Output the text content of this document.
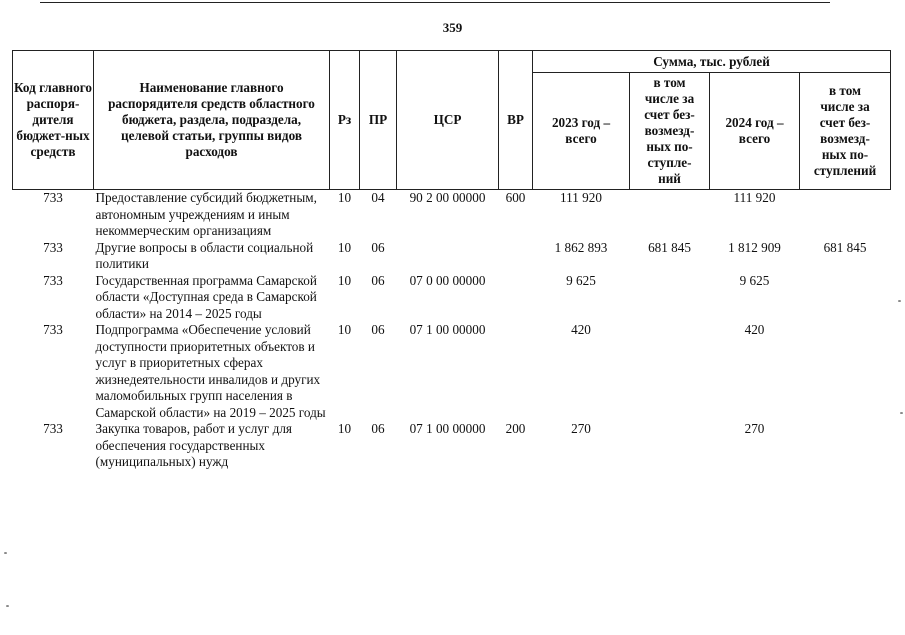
359
Код главного распоря-дителя бюджет-ных средств	Наименование главного распорядителя средств областного бюджета, раздела, подраздела, целевой статьи, группы видов расходов	Рз	ПР	ЦСР	ВР	Сумма, тыс. рублей			
						2023 год – всего	в том числе за счет без-возмезд-ных по-ступле-ний	2024 год – всего	в том числе за счет без-возмезд-ных по-ступлений
733	Предоставление субсидий бюджетным, автономным учреждениям и иным некоммерческим организациям	10	04	90 2 00 00000	600	111 920		111 920	
733	Другие вопросы в области социальной политики	10	06			1 862 893	681 845	1 812 909	681 845
733	Государственная программа Самарской области «Доступная среда в Самарской области» на 2014 – 2025 годы	10	06	07 0 00 00000		9 625		9 625	
733	Подпрограмма «Обеспечение условий доступности приоритетных объектов и услуг в приоритетных сферах жизнедеятельности инвалидов и других маломобильных групп населения в Самарской области» на 2019 – 2025 годы	10	06	07 1 00 00000		420		420	
733	Закупка товаров, работ и услуг для обеспечения государственных (муниципальных) нужд	10	06	07 1 00 00000	200	270		270	
